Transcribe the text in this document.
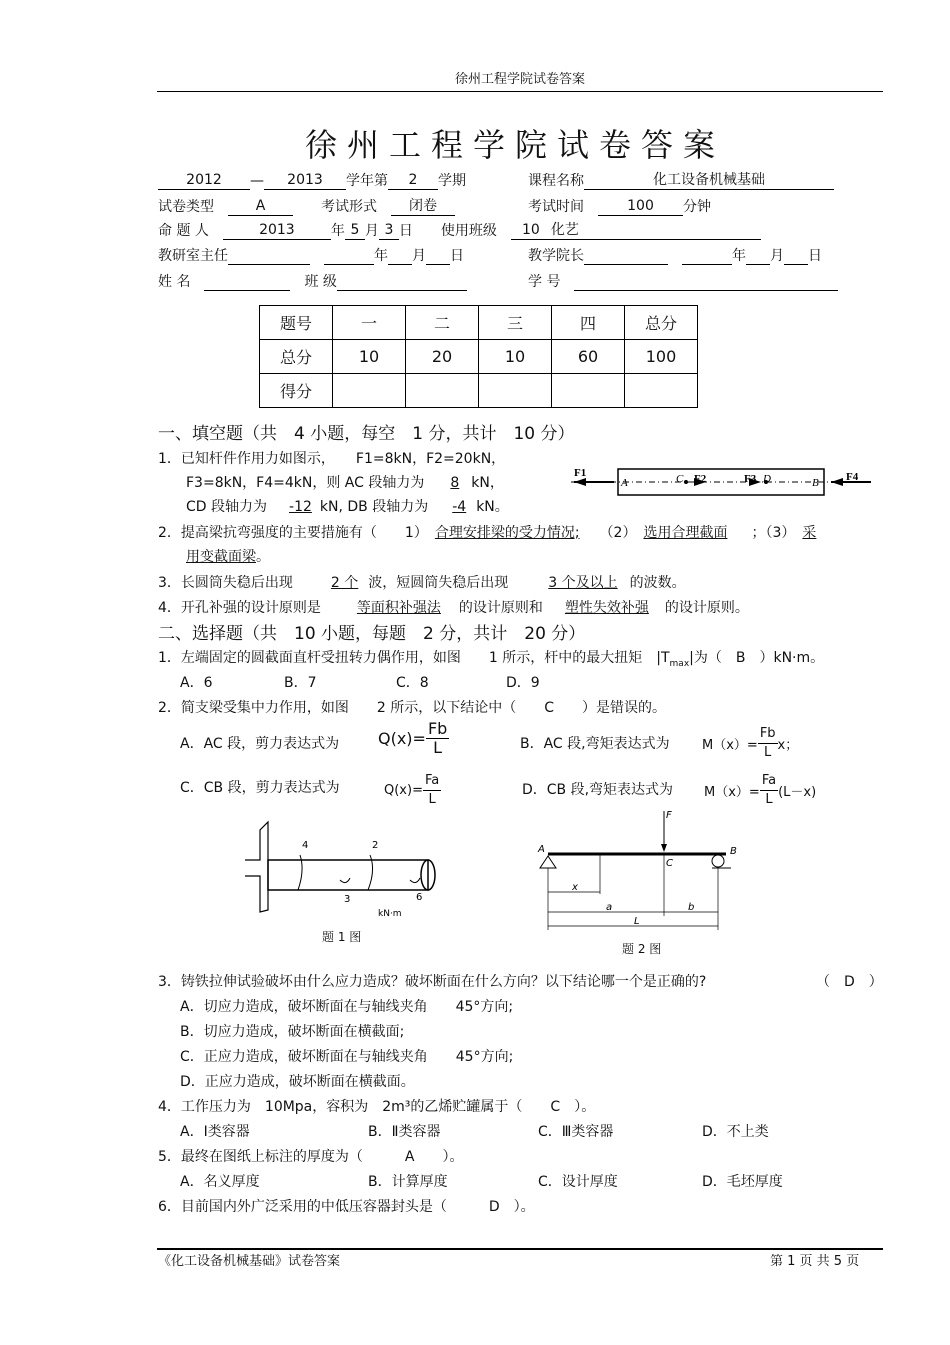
徐州工程学院试卷答案
徐州工程学院试卷答案
2012 — 2013 学年第 2 学期	课程名称	化工设备机械基础
试卷类型　	A　　	考试形式　 闭卷	考试时间　	100 分钟
命 题 人　	2013	年 5 月 3 日　　 使用班级　 10 化艺
教研室主任　	年 月 日	教学院长　	年 月 日
姓 名　　	班 级	学 号　
题号	一	二	三	四	总分
总分	10	20	10	60	100
得分					
一、填空题（共　4 小题，每空　1 分，共计　10 分）
1．已知杆件作用力如图示，　　F1=8kN，F2=20kN，
F3=8kN，F4=4kN，则 AC 段轴力为　 8 kN，
CD 段轴力为　 -12 kN, DB 段轴力为　 -4 kN。
F1
A	C F2	F3 D	B F4
2．提高梁抗弯强度的主要措施有（　　1）　 合理安排梁的受力情况; （2）　 选用合理截面 ；（3）　 采
用变截面梁。
3．长圆筒失稳后出现　　	2 个 波，短圆筒失稳后出现　　	3 个及以上 的波数。
4．开孔补强的设计原则是　　	等面积补强法 的设计原则和　 塑性失效补强 的设计原则。
二、选择题（共　10 小题，每题　2 分，共计　20 分）
1．左端固定的圆截面直杆受扭转力偶作用，如图　　1 所示，杆中的最大扭矩　$|T_{max}|$为（　B　）kN·m。
A．6	B．7	C．8	D．9
2．简支梁受集中力作用，如图　　2 所示，以下结论中（　　C　　）是错误的。
A．AC 段，剪力表达式为 $Q(x)= \frac{Fb}{L}$	B．AC 段,弯矩表达式为 $M(x)= \frac{Fb}{L}$ x；
C．CB 段，剪力表达式为	$Q(x)= \frac{Fa}{L}$	D．CB 段,弯矩表达式为 $M(x)= \frac{Fa}{L} (L-x)$
4	2
3	6
kN·m
题 1 图
F
A
C
B
x
a	b
L
题 2 图
3．铸铁拉伸试验破坏由什么应力造成？破坏断面在什么方向？以下结论哪一个是正确的?	（　D　）
A．切应力造成，破坏断面在与轴线夹角　　45°方向;
B．切应力造成，破坏断面在横截面;
C．正应力造成，破坏断面在与轴线夹角　　45°方向;
D．正应力造成，破坏断面在横截面。
4．工作压力为　10Mpa，容积为　2m³的乙烯贮罐属于（　　C　）。
A．Ⅰ类容器	B．Ⅱ类容器	C．Ⅲ类容器	D．不上类
5．最终在图纸上标注的厚度为（　　　A　　）。
A．名义厚度	B．计算厚度	C．设计厚度	D．毛坯厚度
6．目前国内外广泛采用的中低压容器封头是（　　　D　）。
《化工设备机械基础》试卷答案	第 1 页 共 5 页
